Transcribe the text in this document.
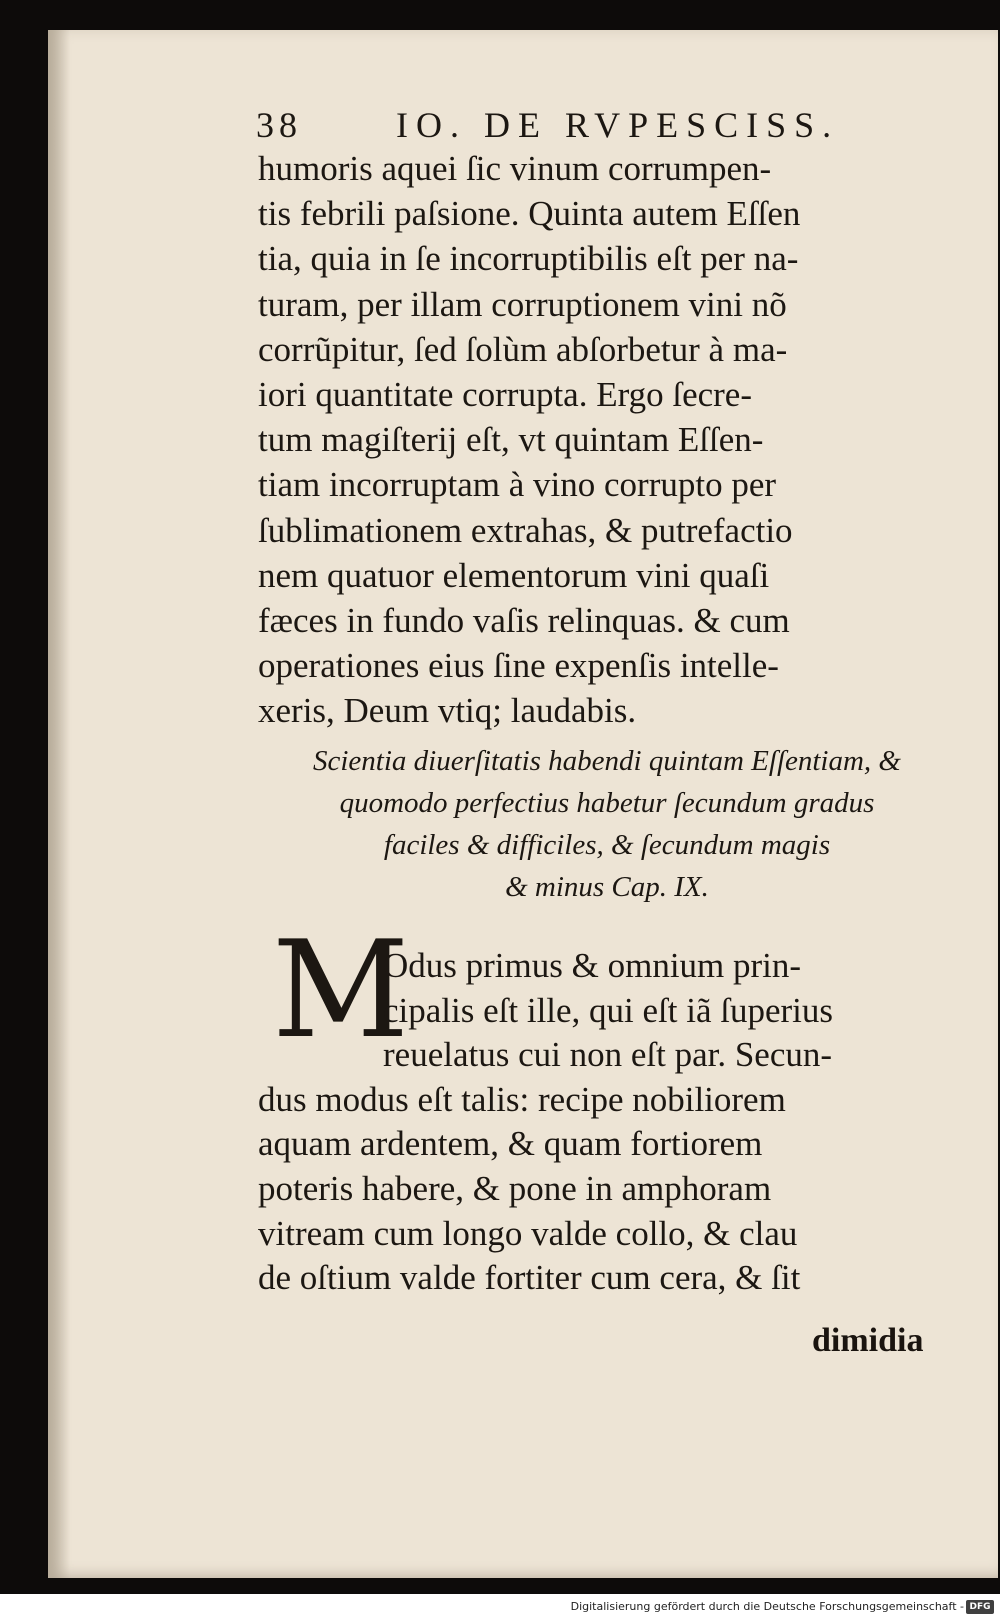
38	IO. DE RVPESCISS.
humoris aquei ſic vinum corrumpen-
tis febrili paſsione. Quinta autem Eſſen
tia, quia in ſe incorruptibilis eſt per na-
turam, per illam corruptionem vini nõ
corrũpitur, ſed ſolùm abſorbetur à ma-
iori quantitate corrupta. Ergo ſecre-
tum magiſterij eſt, vt quintam Eſſen-
tiam incorruptam à vino corrupto per
ſublimationem extrahas, & putrefactio
nem quatuor elementorum vini quaſi
fæces in fundo vaſis relinquas. & cum
operationes eius ſine expenſis intelle-
xeris, Deum vtiq; laudabis.
Scientia diuerſitatis habendi quintam Eſſentiam, &
quomodo perfectius habetur ſecundum gradus
faciles & difficiles, & ſecundum magis
& minus Cap. IX.
M
Odus primus & omnium prin-
cipalis eſt ille, qui eſt iã ſuperius
reuelatus cui non eſt par. Secun-
dus modus eſt talis: recipe nobiliorem
aquam ardentem, & quam fortiorem
poteris habere, & pone in amphoram
vitream cum longo valde collo, & clau
de oſtium valde fortiter cum cera, & ſit
dimidia
Digitalisierung gefördert durch die Deutsche Forschungsgemeinschaft - DFG
